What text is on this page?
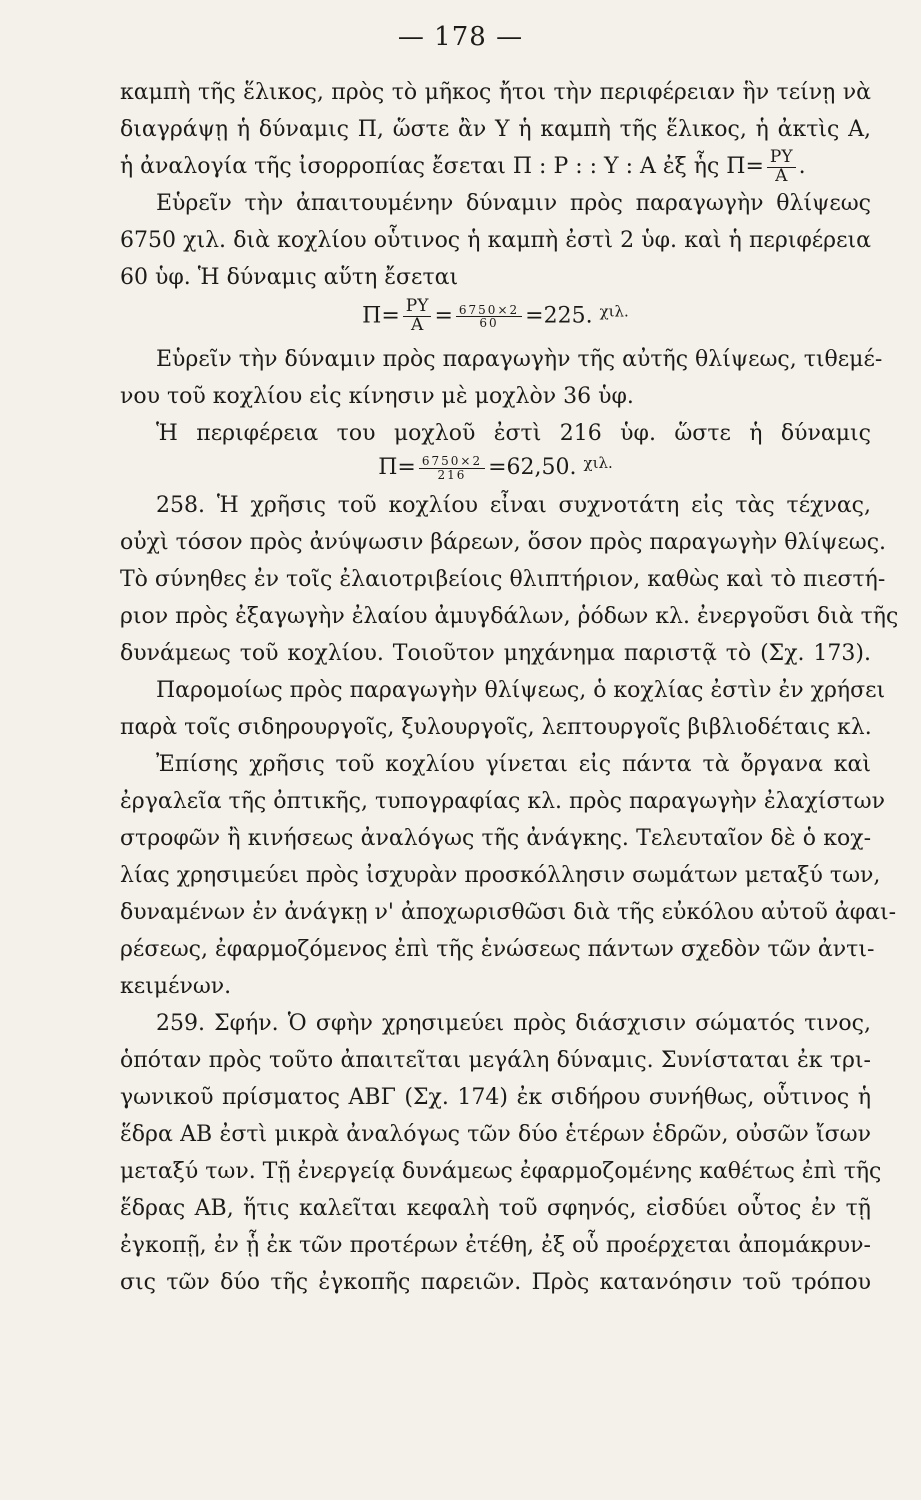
— 178 —
καμπὴ τῆς ἕλικος, πρὸς τὸ μῆκος ἤτοι τὴν περιφέρειαν ἣν τείνῃ νὰ
διαγράψῃ ἡ δύναμις Π, ὥστε ἂν Υ ἡ καμπὴ τῆς ἕλικος, ἡ ἀκτὶς Α,
ἡ ἀναλογία τῆς ἰσορροπίας ἔσεται Π : Ρ : : Υ : Α ἐξ ἧς $\Pi= \frac{P\Upsilon}{A}$ .
Εὑρεῖν τὴν ἀπαιτουμένην δύναμιν πρὸς παραγωγὴν θλίψεως
6750 χιλ. διὰ κοχλίου οὗτινος ἡ καμπὴ ἐστὶ 2 ὑφ. καὶ ἡ περιφέρεια
60 ὑφ. Ἡ δύναμις αὕτη ἔσεται
$\Pi= \frac{P\Upsilon}{A} = \frac{6750\times 2}{60} =225$. $^{\chi\iota\lambda.}$
Εὑρεῖν τὴν δύναμιν πρὸς παραγωγὴν τῆς αὐτῆς θλίψεως, τιθεμέ-
νου τοῦ κοχλίου εἰς κίνησιν μὲ μοχλὸν 36 ὑφ.
Ἡ περιφέρεια του μοχλοῦ ἐστὶ 216 ὑφ. ὥστε ἡ δύναμις
$\Pi= \frac{6750\times 2}{216} =62,50$. $^{\chi\iota\lambda.}$
258. Ἡ χρῆσις τοῦ κοχλίου εἶναι συχνοτάτη εἰς τὰς τέχνας,
οὐχὶ τόσον πρὸς ἀνύψωσιν βάρεων, ὅσον πρὸς παραγωγὴν θλίψεως.
Τὸ σύνηθες ἐν τοῖς ἐλαιοτριβείοις θλιπτήριον, καθὼς καὶ τὸ πιεστή-
ριον πρὸς ἐξαγωγὴν ἐλαίου ἀμυγδάλων, ῥόδων κλ. ἐνεργοῦσι διὰ τῆς
δυνάμεως τοῦ κοχλίου. Τοιοῦτον μηχάνημα παριστᾷ τὸ (Σχ. 173).
Παρομοίως πρὸς παραγωγὴν θλίψεως, ὁ κοχλίας ἐστὶν ἐν χρήσει
παρὰ τοῖς σιδηρουργοῖς, ξυλουργοῖς, λεπτουργοῖς βιβλιοδέταις κλ.
Ἐπίσης χρῆσις τοῦ κοχλίου γίνεται εἰς πάντα τὰ ὄργανα καὶ
ἐργαλεῖα τῆς ὀπτικῆς, τυπογραφίας κλ. πρὸς παραγωγὴν ἐλαχίστων
στροφῶν ἢ κινήσεως ἀναλόγως τῆς ἀνάγκης. Τελευταῖον δὲ ὁ κοχ-
λίας χρησιμεύει πρὸς ἰσχυρὰν προσκόλλησιν σωμάτων μεταξύ των,
δυναμένων ἐν ἀνάγκῃ ν' ἀποχωρισθῶσι διὰ τῆς εὐκόλου αὐτοῦ ἀφαι-
ρέσεως, ἐφαρμοζόμενος ἐπὶ τῆς ἑνώσεως πάντων σχεδὸν τῶν ἀντι-
κειμένων.
259. Σφήν. Ὁ σφὴν χρησιμεύει πρὸς διάσχισιν σώματός τινος,
ὁπόταν πρὸς τοῦτο ἀπαιτεῖται μεγάλη δύναμις. Συνίσταται ἐκ τρι-
γωνικοῦ πρίσματος ΑΒΓ (Σχ. 174) ἐκ σιδήρου συνήθως, οὗτινος ἡ
ἕδρα ΑΒ ἐστὶ μικρὰ ἀναλόγως τῶν δύο ἑτέρων ἑδρῶν, οὐσῶν ἴσων
μεταξύ των. Τῇ ἐνεργείᾳ δυνάμεως ἐφαρμοζομένης καθέτως ἐπὶ τῆς
ἕδρας ΑΒ, ἥτις καλεῖται κεφαλὴ τοῦ σφηνός, εἰσδύει οὗτος ἐν τῇ
ἐγκοπῇ, ἐν ᾗ ἐκ τῶν προτέρων ἐτέθη, ἐξ οὗ προέρχεται ἀπομάκρυν-
σις τῶν δύο τῆς ἐγκοπῆς παρειῶν. Πρὸς κατανόησιν τοῦ τρόπου
